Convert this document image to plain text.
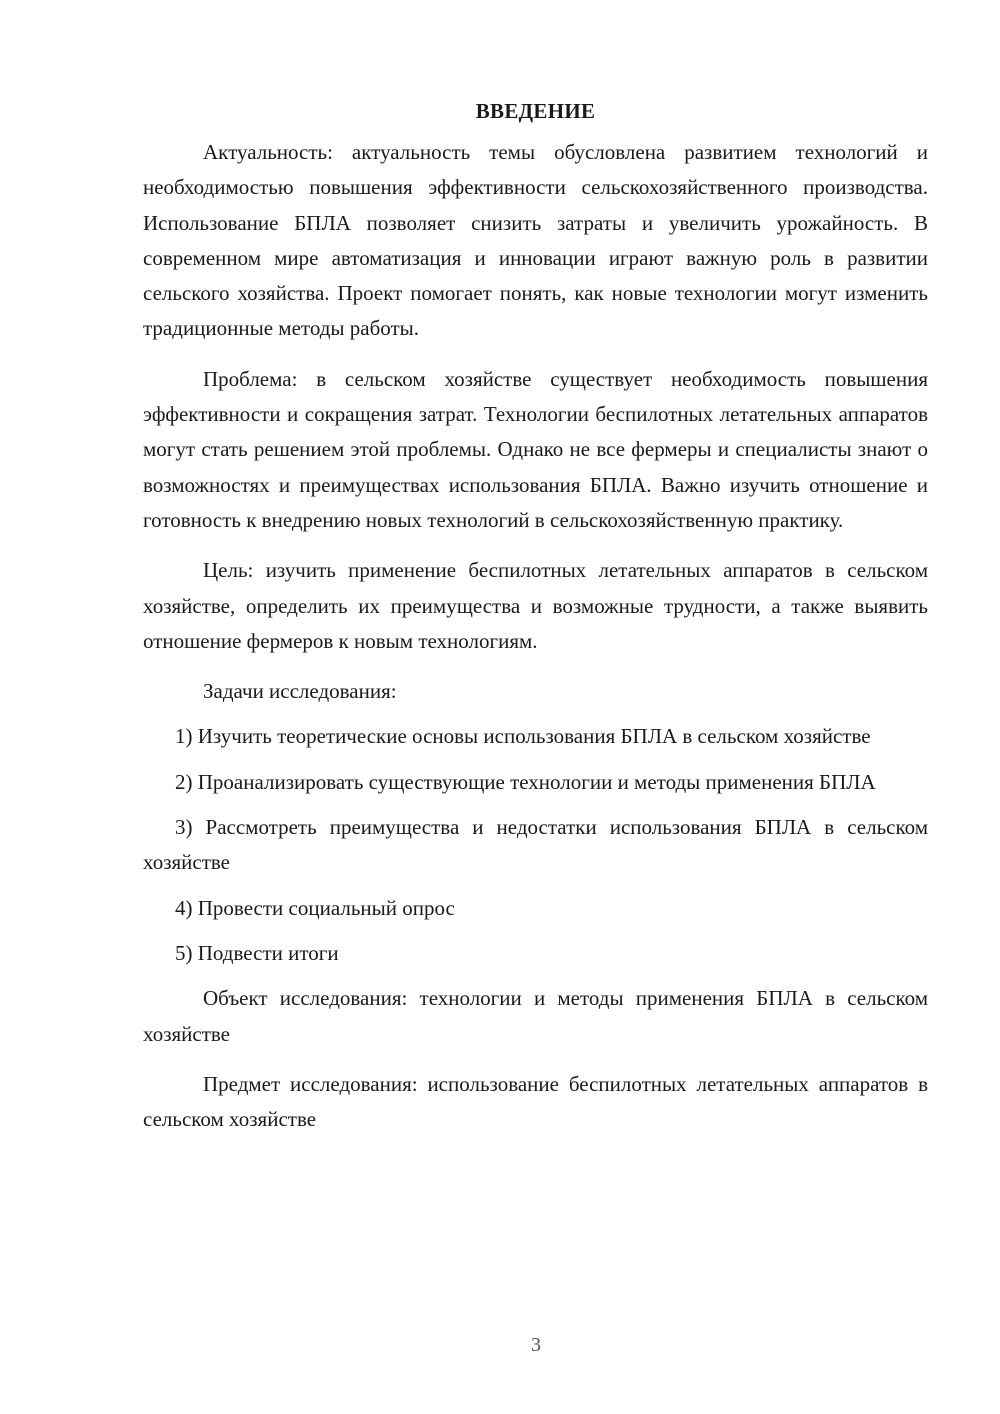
ВВЕДЕНИЕ

Актуальность: актуальность темы обусловлена развитием технологий и необходимостью повышения эффективности сельскохозяйственного производства. Использование БПЛА позволяет снизить затраты и увеличить урожайность. В современном мире автоматизация и инновации играют важную роль в развитии сельского хозяйства. Проект помогает понять, как новые технологии могут изменить традиционные методы работы.

Проблема: в сельском хозяйстве существует необходимость повышения эффективности и сокращения затрат. Технологии беспилотных летательных аппаратов могут стать решением этой проблемы. Однако не все фермеры и специалисты знают о возможностях и преимуществах использования БПЛА. Важно изучить отношение и готовность к внедрению новых технологий в сельскохозяйственную практику.

Цель: изучить применение беспилотных летательных аппаратов в сельском хозяйстве, определить их преимущества и возможные трудности, а также выявить отношение фермеров к новым технологиям.

Задачи исследования:

1) Изучить теоретические основы использования БПЛА в сельском хозяйстве

2) Проанализировать существующие технологии и методы применения БПЛА

3) Рассмотреть преимущества и недостатки использования БПЛА в сельском хозяйстве

4) Провести социальный опрос

5) Подвести итоги

Объект исследования: технологии и методы применения БПЛА в сельском хозяйстве

Предмет исследования: использование беспилотных летательных аппаратов в сельском хозяйстве

3
